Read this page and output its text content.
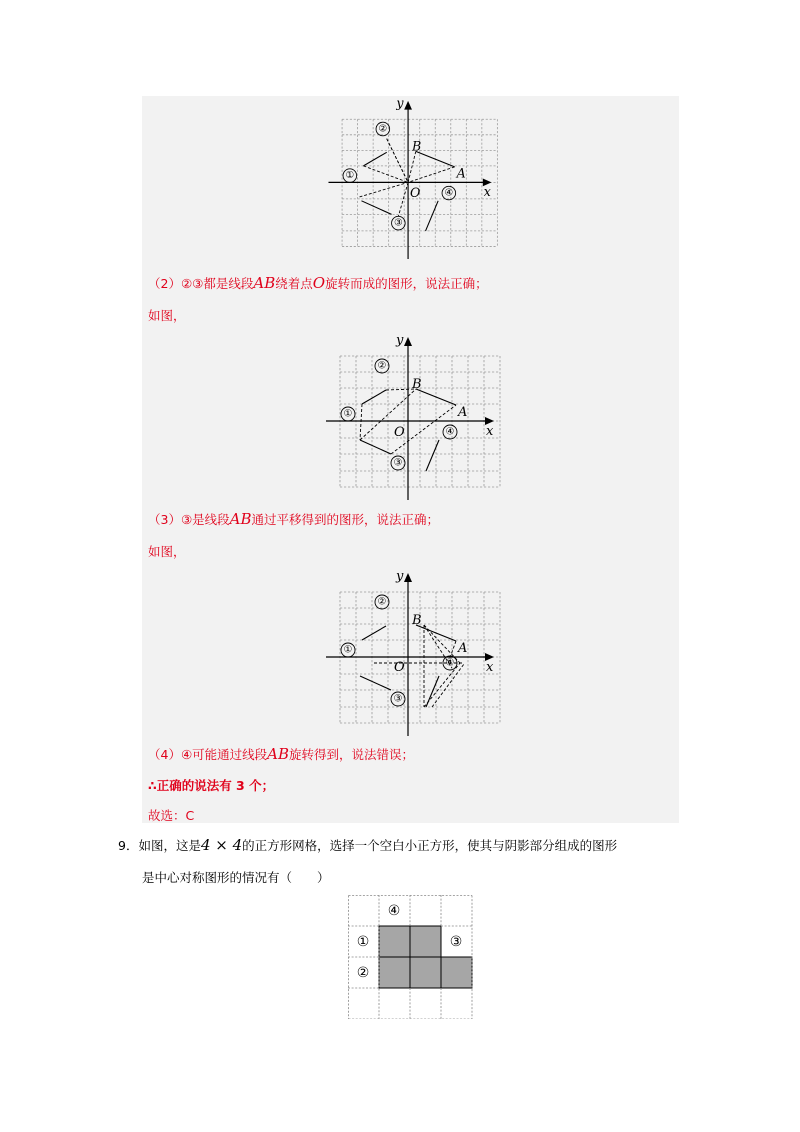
y
x
O
B
A
②
①
③
④
（2）②③都是线段AB绕着点O旋转而成的图形，说法正确；
如图，
y
x
O
B
A
②
①
③
④
（3）③是线段AB通过平移得到的图形，说法正确；
如图，
y
x
O
B
A
②
①
③
④
（4）④可能通过线段AB旋转得到，说法错误；
∴正确的说法有 3 个；
故选：C
9．如图，这是4 × 4的正方形网格，选择一个空白小正方形，使其与阴影部分组成的图形
是中心对称图形的情况有（　　）
④
①	③
②
